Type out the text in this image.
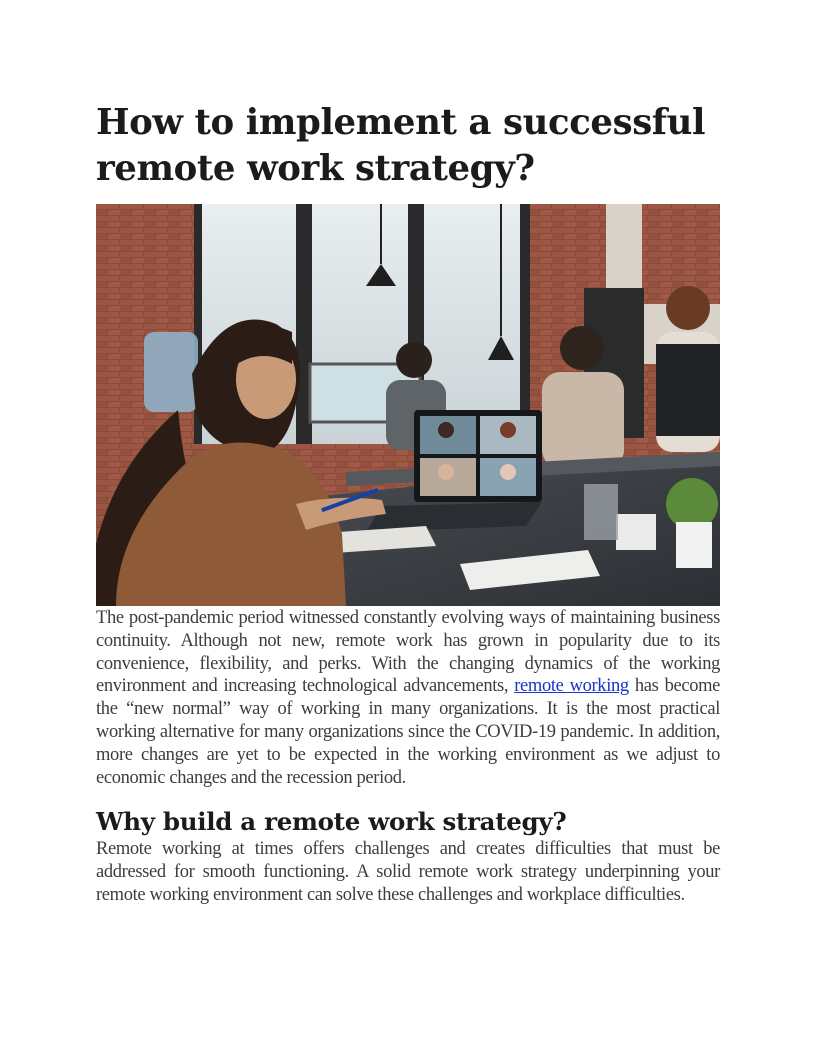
How to implement a successful
remote work strategy?

The post-pandemic period witnessed constantly evolving ways of maintaining business continuity. Although not new, remote work has grown in popularity due to its convenience, flexibility, and perks. With the changing dynamics of the working environment and increasing technological advancements, remote working has become the “new normal” way of working in many organizations. It is the most practical working alternative for many organizations since the COVID-19 pandemic. In addition, more changes are yet to be expected in the working environment as we adjust to economic changes and the recession period.

Why build a remote work strategy?

Remote working at times offers challenges and creates difficulties that must be addressed for smooth functioning. A solid remote work strategy underpinning your remote working environment can solve these challenges and workplace difficulties.
